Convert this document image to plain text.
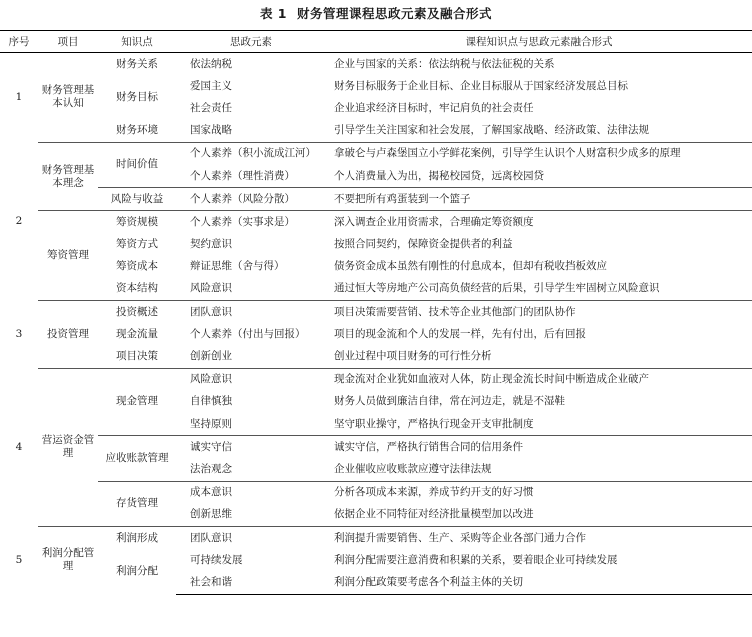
表 1 财务管理课程思政元素及融合形式
序号	项目	知识点	思政元素	课程知识点与思政元素融合形式
1	财务管理基本认知	财务关系	依法纳税	企业与国家的关系：依法纳税与依法征税的关系
		财务目标	爱国主义	财务目标服务于企业目标、企业目标服从于国家经济发展总目标
			社会责任	企业追求经济目标时，牢记肩负的社会责任
		财务环境	国家战略	引导学生关注国家和社会发展，了解国家战略、经济政策、法律法规
2	财务管理基本理念	时间价值	个人素养（积小流成江河）	拿破仑与卢森堡国立小学鲜花案例，引导学生认识个人财富积少成多的原理
			个人素养（理性消费）	个人消费量入为出，揭秘校园贷，远离校园贷
		风险与收益	个人素养（风险分散）	不要把所有鸡蛋装到一个篮子
	筹资管理	筹资规模	个人素养（实事求是）	深入调查企业用资需求，合理确定筹资额度
		筹资方式	契约意识	按照合同契约，保障资金提供者的利益
		筹资成本	辩证思维（舍与得）	债务资金成本虽然有刚性的付息成本，但却有税收挡板效应
		资本结构	风险意识	通过恒大等房地产公司高负债经营的后果，引导学生牢固树立风险意识
3	投资管理	投资概述	团队意识	项目决策需要营销、技术等企业其他部门的团队协作
		现金流量	个人素养（付出与回报）	项目的现金流和个人的发展一样，先有付出，后有回报
		项目决策	创新创业	创业过程中项目财务的可行性分析
4	营运资金管理	现金管理	风险意识	现金流对企业犹如血液对人体，防止现金流长时间中断造成企业破产
			自律慎独	财务人员做到廉洁自律，常在河边走，就是不湿鞋
			坚持原则	坚守职业操守，严格执行现金开支审批制度
		应收账款管理	诚实守信	诚实守信，严格执行销售合同的信用条件
			法治观念	企业催收应收账款应遵守法律法规
		存货管理	成本意识	分析各项成本来源，养成节约开支的好习惯
			创新思维	依据企业不同特征对经济批量模型加以改进
5	利润分配管理	利润形成	团队意识	利润提升需要销售、生产、采购等企业各部门通力合作
		利润分配	可持续发展	利润分配需要注意消费和积累的关系，要着眼企业可持续发展
			社会和谐	利润分配政策要考虑各个利益主体的关切
